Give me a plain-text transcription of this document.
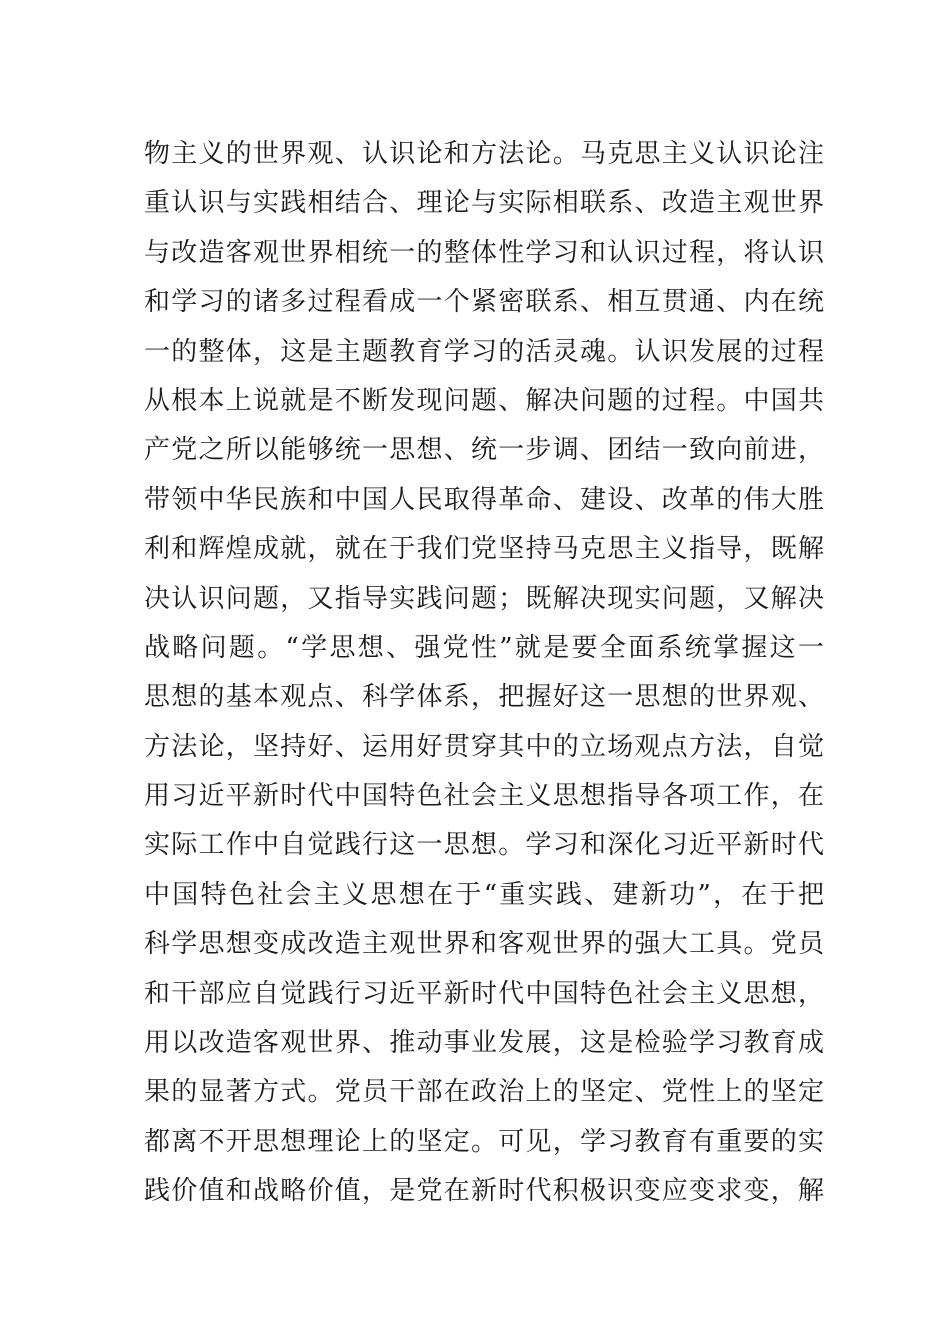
物主义的世界观、认识论和方法论。马克思主义认识论注
重认识与实践相结合、理论与实际相联系、改造主观世界
与改造客观世界相统一的整体性学习和认识过程，将认识
和学习的诸多过程看成一个紧密联系、相互贯通、内在统
一的整体，这是主题教育学习的活灵魂。认识发展的过程
从根本上说就是不断发现问题、解决问题的过程。中国共
产党之所以能够统一思想、统一步调、团结一致向前进，
带领中华民族和中国人民取得革命、建设、改革的伟大胜
利和辉煌成就，就在于我们党坚持马克思主义指导，既解
决认识问题，又指导实践问题；既解决现实问题，又解决
战略问题。“学思想、强党性”就是要全面系统掌握这一
思想的基本观点、科学体系，把握好这一思想的世界观、
方法论，坚持好、运用好贯穿其中的立场观点方法，自觉
用习近平新时代中国特色社会主义思想指导各项工作，在
实际工作中自觉践行这一思想。学习和深化习近平新时代
中国特色社会主义思想在于“重实践、建新功”，在于把
科学思想变成改造主观世界和客观世界的强大工具。党员
和干部应自觉践行习近平新时代中国特色社会主义思想，
用以改造客观世界、推动事业发展，这是检验学习教育成
果的显著方式。党员干部在政治上的坚定、党性上的坚定
都离不开思想理论上的坚定。可见，学习教育有重要的实
践价值和战略价值，是党在新时代积极识变应变求变，解
